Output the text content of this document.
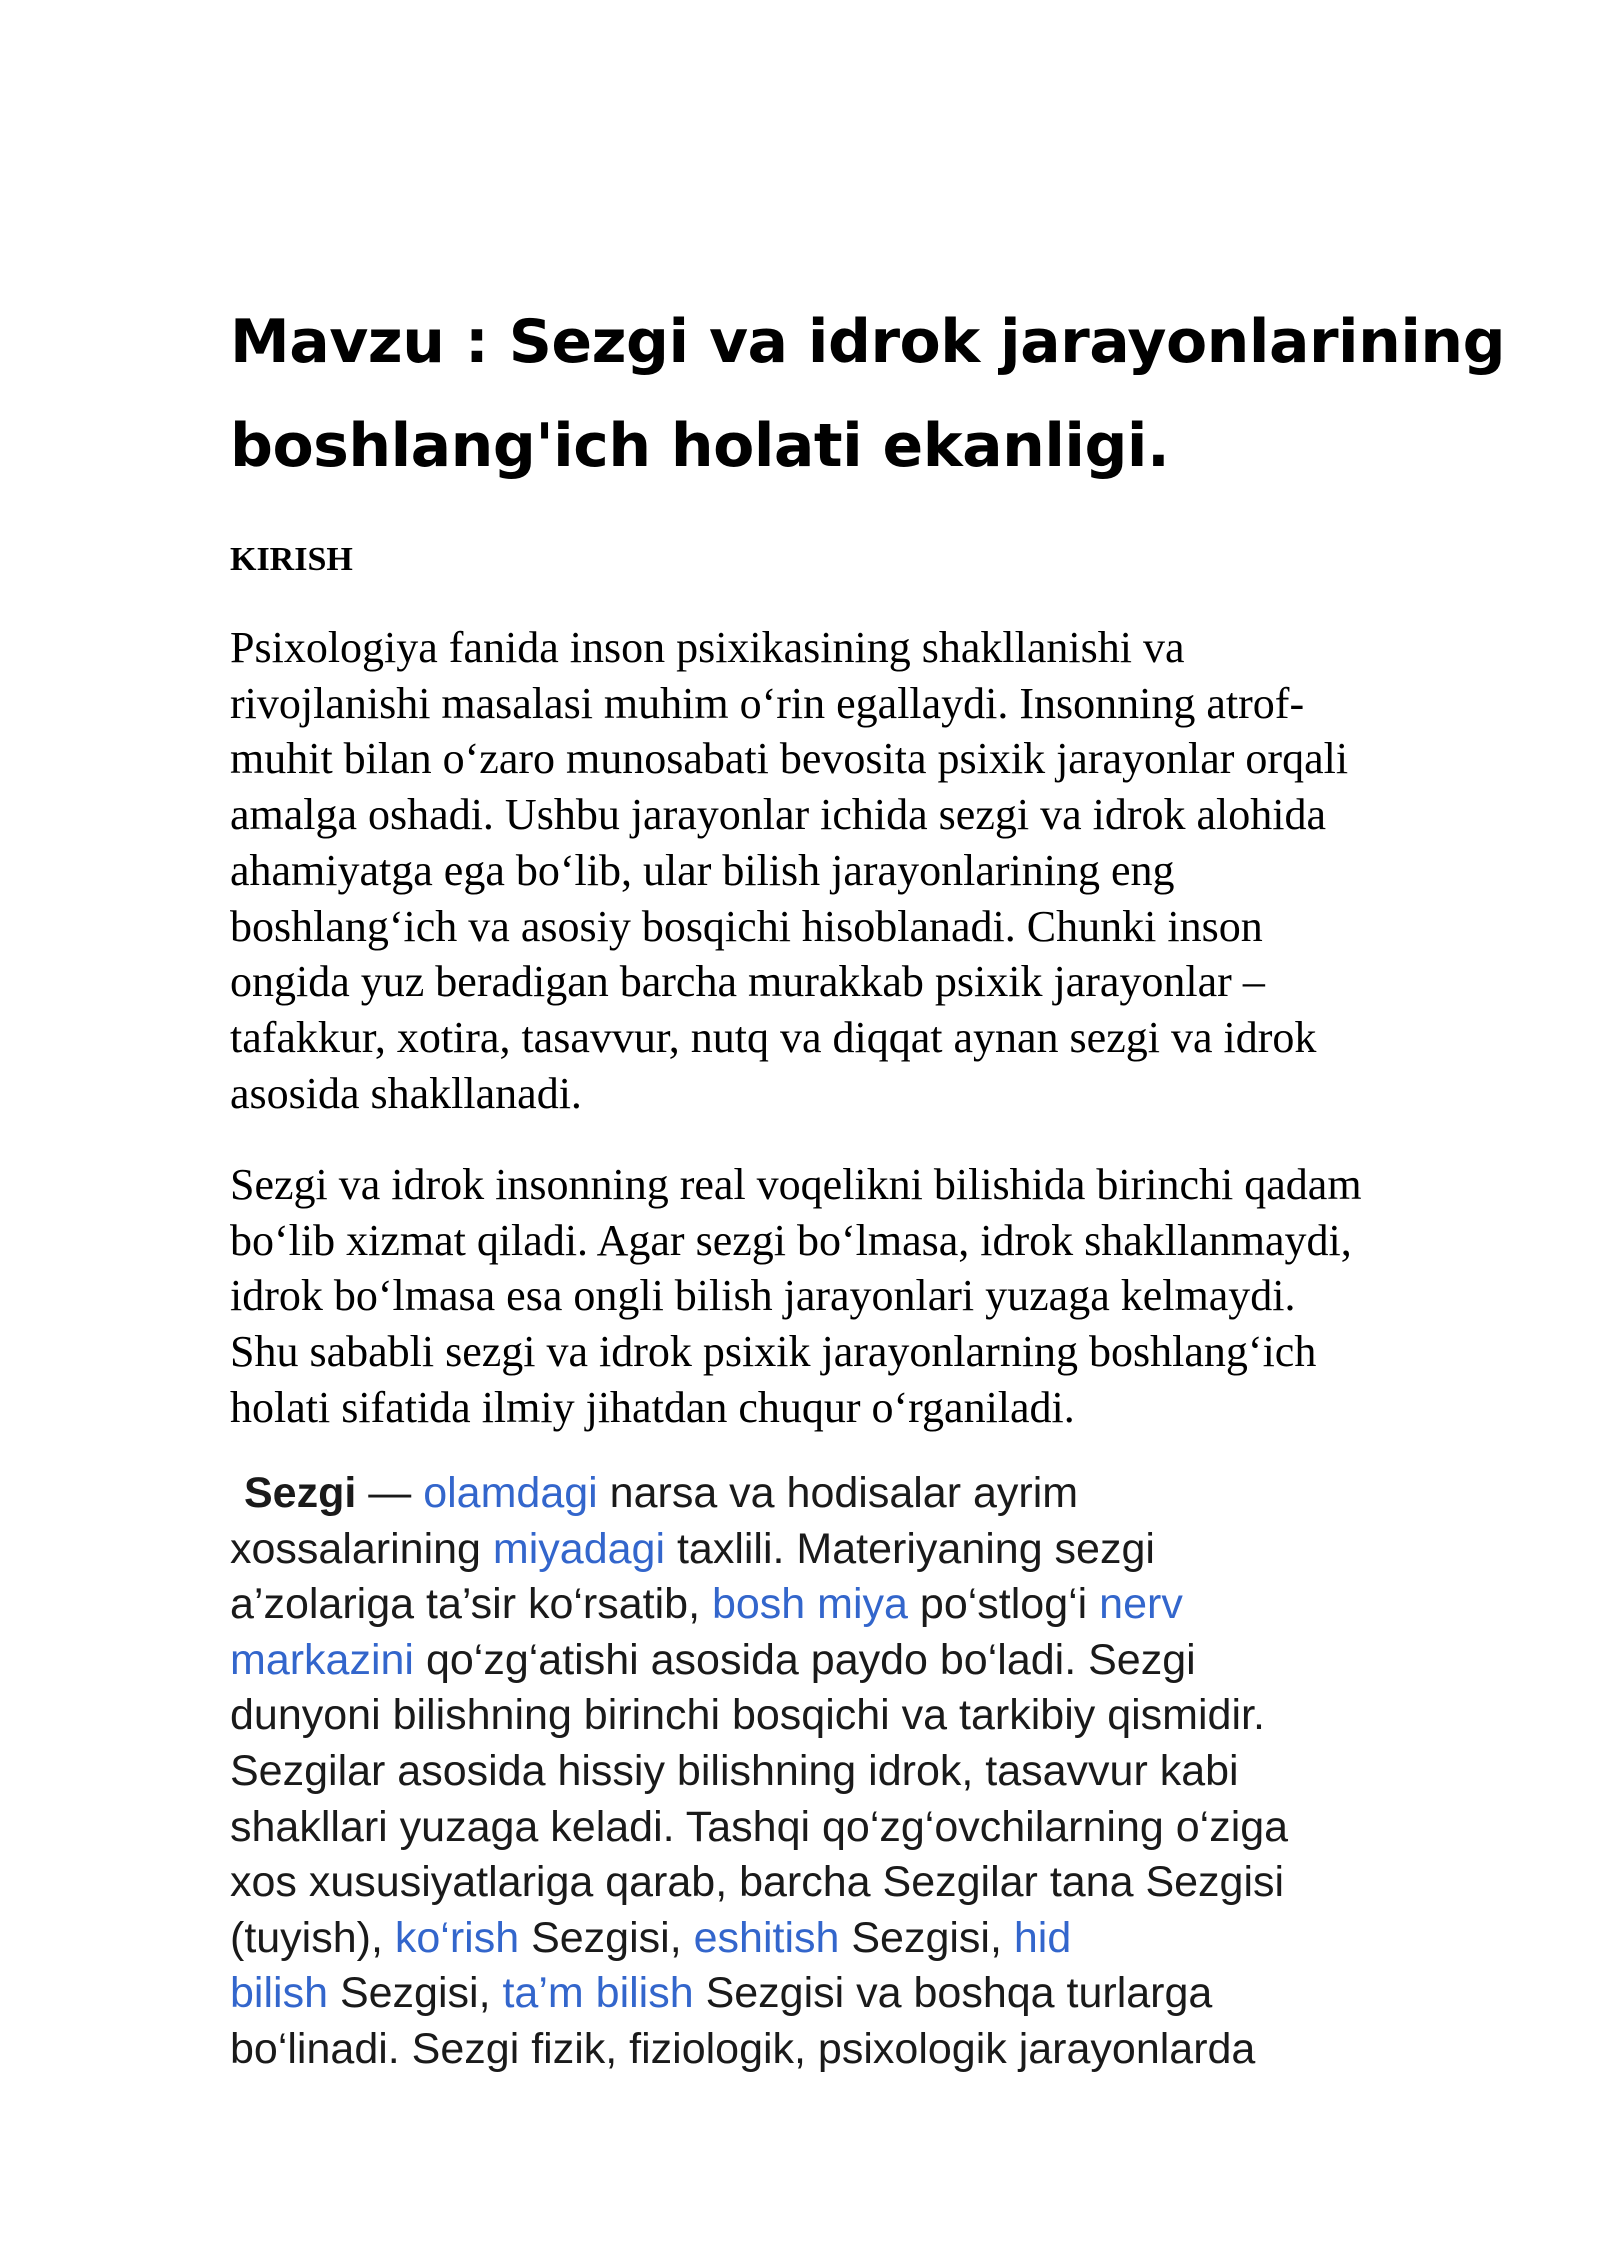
Mavzu : Sezgi va idrok jarayonlarining
boshlang'ich holati ekanligi.
KIRISH

Psixologiya fanida inson psixikasining shakllanishi va
rivojlanishi masalasi muhim o‘rin egallaydi. Insonning atrof-
muhit bilan o‘zaro munosabati bevosita psixik jarayonlar orqali
amalga oshadi. Ushbu jarayonlar ichida sezgi va idrok alohida
ahamiyatga ega bo‘lib, ular bilish jarayonlarining eng
boshlang‘ich va asosiy bosqichi hisoblanadi. Chunki inson
ongida yuz beradigan barcha murakkab psixik jarayonlar –
tafakkur, xotira, tasavvur, nutq va diqqat aynan sezgi va idrok
asosida shakllanadi.

Sezgi va idrok insonning real voqelikni bilishida birinchi qadam
bo‘lib xizmat qiladi. Agar sezgi bo‘lmasa, idrok shakllanmaydi,
idrok bo‘lmasa esa ongli bilish jarayonlari yuzaga kelmaydi.
Shu sababli sezgi va idrok psixik jarayonlarning boshlang‘ich
holati sifatida ilmiy jihatdan chuqur o‘rganiladi.

Sezgi — olamdagi narsa va hodisalar ayrim
xossalarining miyadagi taxlili. Materiyaning sezgi
a’zolariga ta’sir ko‘rsatib, bosh miya po‘stlog‘i nerv
markazini qo‘zg‘atishi asosida paydo bo‘ladi. Sezgi
dunyoni bilishning birinchi bosqichi va tarkibiy qismidir.
Sezgilar asosida hissiy bilishning idrok, tasavvur kabi
shakllari yuzaga keladi. Tashqi qo‘zg‘ovchilarning o‘ziga
xos xususiyatlariga qarab, barcha Sezgilar tana Sezgisi
(tuyish), ko‘rish Sezgisi, eshitish Sezgisi, hid
bilish Sezgisi, ta’m bilish Sezgisi va boshqa turlarga
bo‘linadi. Sezgi fizik, fiziologik, psixologik jarayonlarda
